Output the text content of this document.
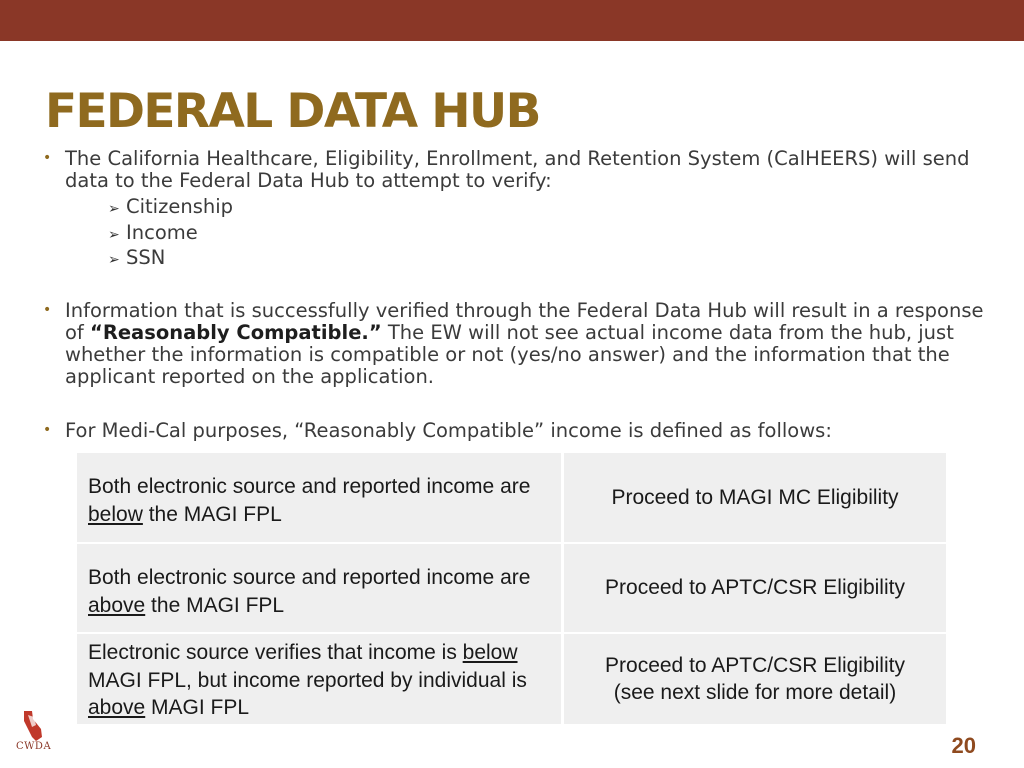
FEDERAL DATA HUB
• The California Healthcare, Eligibility, Enrollment, and Retention System (CalHEERS) will send data to the Federal Data Hub to attempt to verify:
➢ Citizenship
➢ Income
➢ SSN
• Information that is successfully verified through the Federal Data Hub will result in a response of “Reasonably Compatible.” The EW will not see actual income data from the hub, just whether the information is compatible or not (yes/no answer) and the information that the applicant reported on the application.
• For Medi-Cal purposes, “Reasonably Compatible” income is defined as follows:
Both electronic source and reported income are below the MAGI FPL
Proceed to MAGI MC Eligibility
Both electronic source and reported income are above the MAGI FPL
Proceed to APTC/CSR Eligibility
Electronic source verifies that income is below MAGI FPL, but income reported by individual is above MAGI FPL
Proceed to APTC/CSR Eligibility
(see next slide for more detail)
CWDA	20
